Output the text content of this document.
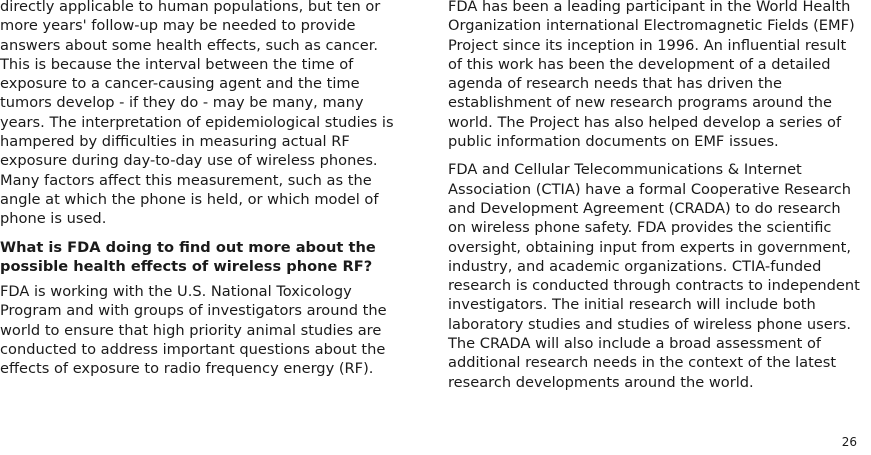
directly applicable to human populations, but ten or more years' follow-up may be needed to provide answers about some health effects, such as cancer. This is because the interval between the time of exposure to a cancer-causing agent and the time tumors develop - if they do - may be many, many years. The interpretation of epidemiological studies is hampered by difficulties in measuring actual RF exposure during day-to-day use of wireless phones. Many factors affect this measurement, such as the angle at which the phone is held, or which model of phone is used.

What is FDA doing to find out more about the possible health effects of wireless phone RF?

FDA is working with the U.S. National Toxicology Program and with groups of investigators around the world to ensure that high priority animal studies are conducted to address important questions about the effects of exposure to radio frequency energy (RF).

FDA has been a leading participant in the World Health Organization international Electromagnetic Fields (EMF) Project since its inception in 1996. An influential result of this work has been the development of a detailed agenda of research needs that has driven the establishment of new research programs around the world. The Project has also helped develop a series of public information documents on EMF issues.

FDA and Cellular Telecommunications & Internet Association (CTIA) have a formal Cooperative Research and Development Agreement (CRADA) to do research on wireless phone safety. FDA provides the scientific oversight, obtaining input from experts in government, industry, and academic organizations. CTIA-funded research is conducted through contracts to independent investigators. The initial research will include both laboratory studies and studies of wireless phone users. The CRADA will also include a broad assessment of additional research needs in the context of the latest research developments around the world.

26
